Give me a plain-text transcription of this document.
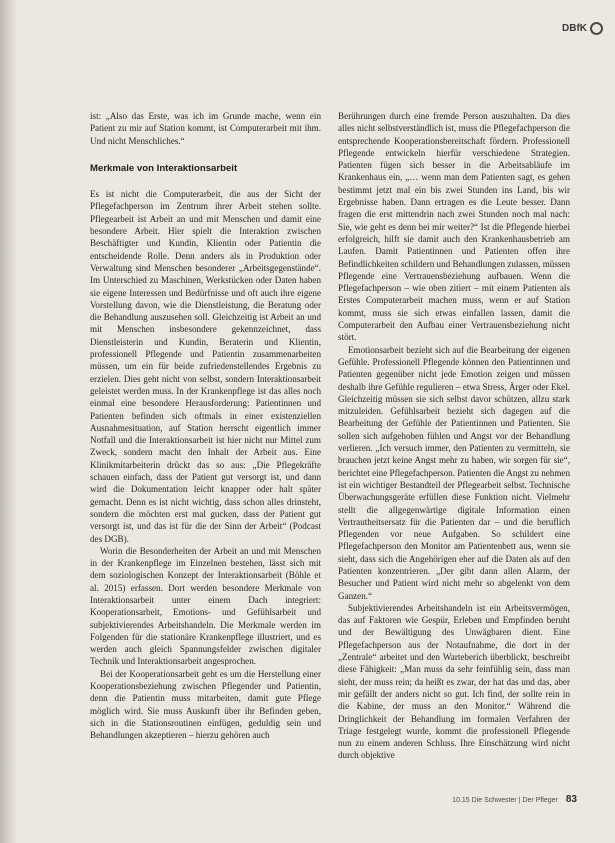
DBfK

ist: „Also das Erste, was ich im Grunde mache, wenn ein Patient zu mir auf Station kommt, ist Computerarbeit mit ihm. Und nicht Menschliches.“

Merkmale von Interaktionsarbeit

Es ist nicht die Computerarbeit, die aus der Sicht der Pflegefachperson im Zentrum ihrer Arbeit stehen sollte. Pflegearbeit ist Arbeit an und mit Menschen und damit eine besondere Arbeit. Hier spielt die Interaktion zwischen Beschäftigter und Kundin, Klientin oder Patientin die entscheidende Rolle. Denn anders als in Produktion oder Verwaltung sind Menschen besonderer „Arbeitsgegenstände“. Im Unterschied zu Maschinen, Werkstücken oder Daten haben sie eigene Interessen und Bedürfnisse und oft auch ihre eigene Vorstellung davon, wie die Dienstleistung, die Beratung oder die Behandlung auszusehen soll. Gleichzeitig ist Arbeit an und mit Menschen insbesondere gekennzeichnet, dass Dienstleisterin und Kundin, Beraterin und Klientin, professionell Pflegende und Patientin zusammenarbeiten müssen, um ein für beide zufriedenstellendes Ergebnis zu erzielen. Dies geht nicht von selbst, sondern Interaktionsarbeit geleistet werden muss. In der Krankenpflege ist das alles noch einmal eine besondere Herausforderung: Patientinnen und Patienten befinden sich oftmals in einer existenziellen Ausnahmesituation, auf Station herrscht eigentlich immer Notfall und die Interaktionsarbeit ist hier nicht nur Mittel zum Zweck, sondern macht den Inhalt der Arbeit aus. Eine Klinikmitarbeiterin drückt das so aus: „Die Pflegekräfte schauen einfach, dass der Patient gut versorgt ist, und dann wird die Dokumentation leicht knapper oder halt später gemacht. Denn es ist nicht wichtig, dass schon alles drinsteht, sondern die möchten erst mal gucken, dass der Patient gut versorgt ist, und das ist für die der Sinn der Arbeit“ (Podcast des DGB).

Worin die Besonderheiten der Arbeit an und mit Menschen in der Krankenpflege im Einzelnen bestehen, lässt sich mit dem soziologischen Konzept der Interaktionsarbeit (Böhle et al. 2015) erfassen. Dort werden besondere Merkmale von Interaktionsarbeit unter einem Dach integriert: Kooperationsarbeit, Emotions- und Gefühlsarbeit und subjektivierendes Arbeitshandeln. Die Merkmale werden im Folgenden für die stationäre Krankenpflege illustriert, und es werden auch gleich Spannungsfelder zwischen digitaler Technik und Interaktionsarbeit angesprochen.

Bei der Kooperationsarbeit geht es um die Herstellung einer Kooperationsbeziehung zwischen Pflegender und Patientin, denn die Patientin muss mitarbeiten, damit gute Pflege möglich wird. Sie muss Auskunft über ihr Befinden geben, sich in die Stationsroutinen einfügen, geduldig sein und Behandlungen akzeptieren – hierzu gehören auch

Berührungen durch eine fremde Person auszuhalten. Da dies alles nicht selbstverständlich ist, muss die Pflegefachperson die entsprechende Kooperationsbereitschaft fördern. Professionell Pflegende entwickeln hierfür verschiedene Strategien. Patienten fügen sich besser in die Arbeitsabläufe im Krankenhaus ein, „… wenn man dem Patienten sagt, es gehen bestimmt jetzt mal ein bis zwei Stunden ins Land, bis wir Ergebnisse haben. Dann ertragen es die Leute besser. Dann fragen die erst mittendrin nach zwei Stunden noch mal nach: Sie, wie geht es denn bei mir weiter?“ Ist die Pflegende hierbei erfolgreich, hilft sie damit auch den Krankenhausbetrieb am Laufen. Damit Patientinnen und Patienten offen ihre Befindlichkeiten schildern und Behandlungen zulassen, müssen Pflegende eine Vertrauensbeziehung aufbauen. Wenn die Pflegefachperson – wie oben zitiert – mit einem Patienten als Erstes Computerarbeit machen muss, wenn er auf Station kommt, muss sie sich etwas einfallen lassen, damit die Computerarbeit den Aufbau einer Vertrauensbeziehung nicht stört.

Emotionsarbeit bezieht sich auf die Bearbeitung der eigenen Gefühle. Professionell Pflegende können den Patientinnen und Patienten gegenüber nicht jede Emotion zeigen und müssen deshalb ihre Gefühle regulieren – etwa Stress, Ärger oder Ekel. Gleichzeitig müssen sie sich selbst davor schützen, allzu stark mitzuleiden. Gefühlsarbeit bezieht sich dagegen auf die Bearbeitung der Gefühle der Patientinnen und Patienten. Sie sollen sich aufgehoben fühlen und Angst vor der Behandlung verlieren. „Ich versuch immer, den Patienten zu vermitteln, sie brauchen jetzt keine Angst mehr zu haben, wir sorgen für sie“, berichtet eine Pflegefachperson. Patienten die Angst zu nehmen ist ein wichtiger Bestandteil der Pflegearbeit selbst. Technische Überwachungsgeräte erfüllen diese Funktion nicht. Vielmehr stellt die allgegenwärtige digitale Information einen Vertrautheitsersatz für die Patienten dar – und die beruflich Pflegenden vor neue Aufgaben. So schildert eine Pflegefachperson den Monitor am Patientenbett aus, wenn sie sieht, dass sich die Angehörigen eher auf die Daten als auf den Patienten konzentrieren. „Der gibt dann allen Alarm, der Besucher und Patient wird nicht mehr so abgelenkt von dem Ganzen.“

Subjektivierendes Arbeitshandeln ist ein Arbeitsvermögen, das auf Faktoren wie Gespür, Erleben und Empfinden beruht und der Bewältigung des Unwägbaren dient. Eine Pflegefachperson aus der Notaufnahme, die dort in der „Zentrale“ arbeitet und den Warteberich überblickt, beschreibt diese Fähigkeit: „Man muss da sehr feinfühlig sein, dass man sieht, der muss rein; da heißt es zwar, der hat das und das, aber mir gefällt der anders nicht so gut. Ich find, der sollte rein in die Kabine, der muss an den Monitor.“ Während die Dringlichkeit der Behandlung im formalen Verfahren der Triage festgelegt wurde, kommt die professionell Pflegende nun zu einem anderen Schluss. Ihre Einschätzung wird nicht durch objektive

10.15 Die Schwester | Der Pfleger 83
